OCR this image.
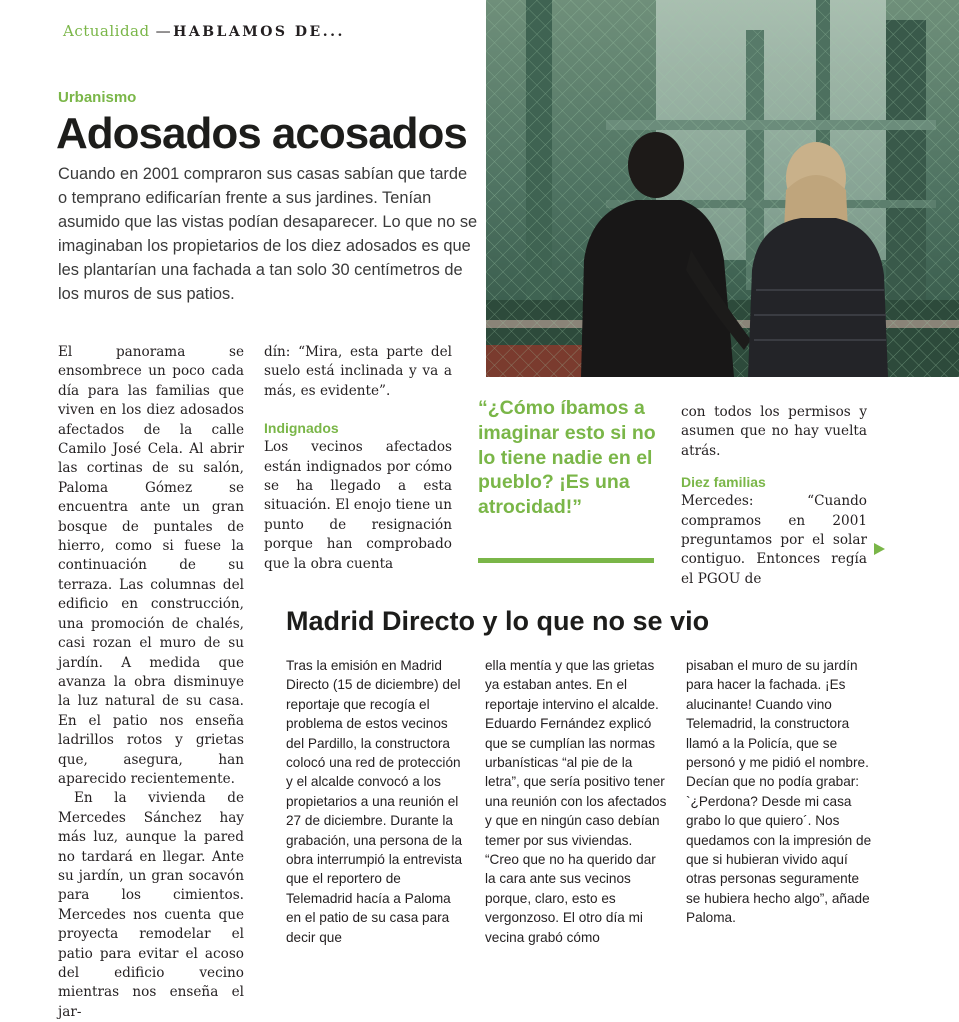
Actualidad — HABLAMOS DE...
Urbanismo
Adosados acosados

Cuando en 2001 compraron sus casas sabían que tarde o temprano edificarían frente a sus jardines. Tenían asumido que las vistas podían desaparecer. Lo que no se imaginaban los propietarios de los diez adosados es que les plantarían una fachada a tan solo 30 centímetros de los muros de sus patios.

El panorama se ensombrece un poco cada día para las familias que viven en los diez adosados afectados de la calle Camilo José Cela. Al abrir las cortinas de su salón, Paloma Gómez se encuentra ante un gran bosque de puntales de hierro, como si fuese la continuación de su terraza. Las columnas del edificio en construcción, una promoción de chalés, casi rozan el muro de su jardín. A medida que avanza la obra disminuye la luz natural de su casa. En el patio nos enseña ladrillos rotos y grietas que, asegura, han aparecido recientemente.

En la vivienda de Mercedes Sánchez hay más luz, aunque la pared no tardará en llegar. Ante su jardín, un gran socavón para los cimientos. Mercedes nos cuenta que proyecta remodelar el patio para evitar el acoso del edificio vecino mientras nos enseña el jar-

dín: “Mira, esta parte del suelo está inclinada y va a más, es evidente”.

Indignados

Los vecinos afectados están indignados por cómo se ha llegado a esta situación. El enojo tiene un punto de resignación porque han comprobado que la obra cuenta

“¿Cómo íbamos a imaginar esto si no lo tiene nadie en el pueblo? ¡Es una atrocidad!”

con todos los permisos y asumen que no hay vuelta atrás.

Diez familias

Mercedes: “Cuando compramos en 2001 preguntamos por el solar contiguo. Entonces regía el PGOU de

Madrid Directo y lo que no se vio

Tras la emisión en Madrid Directo (15 de diciembre) del reportaje que recogía el problema de estos vecinos del Pardillo, la constructora colocó una red de protección y el alcalde convocó a los propietarios a una reunión el 27 de diciembre. Durante la grabación, una persona de la obra interrumpió la entrevista que el reportero de Telemadrid hacía a Paloma en el patio de su casa para decir que

ella mentía y que las grietas ya estaban antes. En el reportaje intervino el alcalde. Eduardo Fernández explicó que se cumplían las normas urbanísticas “al pie de la letra”, que sería positivo tener una reunión con los afectados y que en ningún caso debían temer por sus viviendas. “Creo que no ha querido dar la cara ante sus vecinos porque, claro, esto es vergonzoso. El otro día mi vecina grabó cómo

pisaban el muro de su jardín para hacer la fachada. ¡Es alucinante! Cuando vino Telemadrid, la constructora llamó a la Policía, que se personó y me pidió el nombre. Decían que no podía grabar: `¿Perdona? Desde mi casa grabo lo que quiero´. Nos quedamos con la impresión de que si hubieran vivido aquí otras personas seguramente se hubiera hecho algo”, añade Paloma.
